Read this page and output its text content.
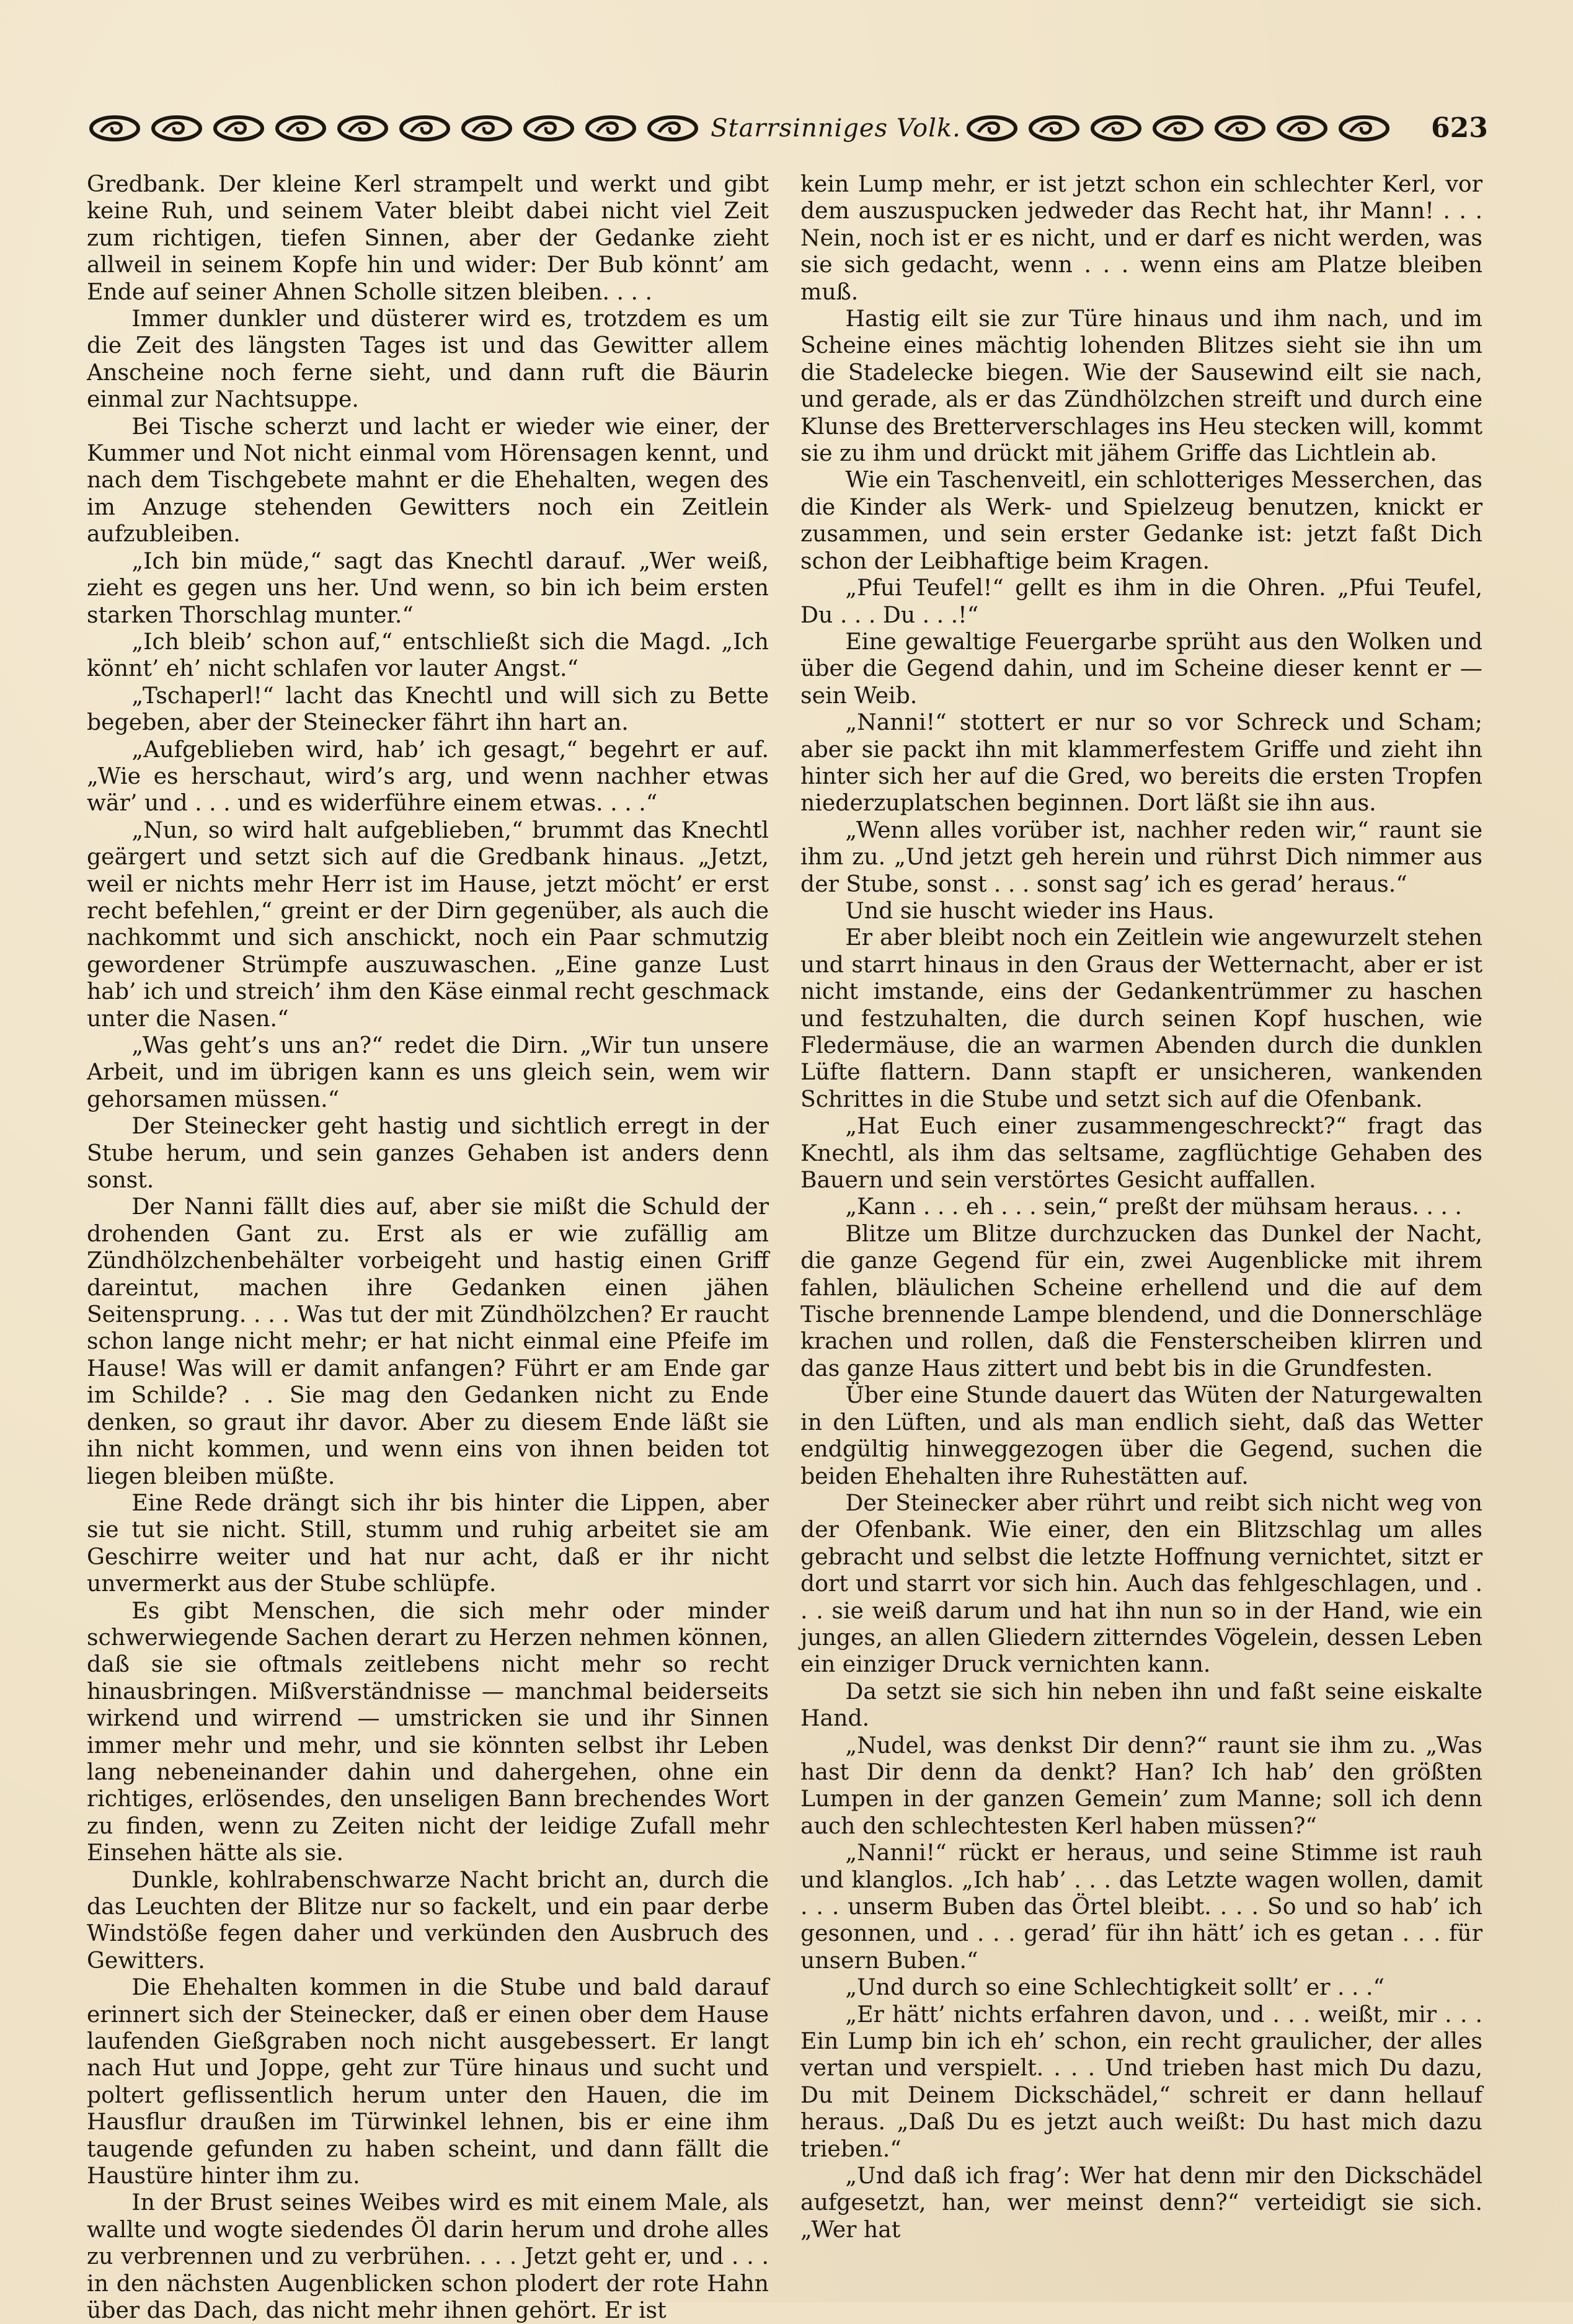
Starrsinniges Volk.	623

Gredbank. Der kleine Kerl strampelt und werkt und gibt keine Ruh, und seinem Vater bleibt dabei nicht viel Zeit zum richtigen, tiefen Sinnen, aber der Gedanke zieht allweil in seinem Kopfe hin und wider: Der Bub könnt’ am Ende auf seiner Ahnen Scholle sitzen bleiben. . . .

Immer dunkler und düsterer wird es, trotzdem es um die Zeit des längsten Tages ist und das Gewitter allem Anscheine noch ferne sieht, und dann ruft die Bäurin einmal zur Nachtsuppe.

Bei Tische scherzt und lacht er wieder wie einer, der Kummer und Not nicht einmal vom Hörensagen kennt, und nach dem Tischgebete mahnt er die Ehehalten, wegen des im Anzuge stehenden Gewitters noch ein Zeitlein aufzubleiben.

„Ich bin müde,“ sagt das Knechtl darauf. „Wer weiß, zieht es gegen uns her. Und wenn, so bin ich beim ersten starken Thorschlag munter.“

„Ich bleib’ schon auf,“ entschließt sich die Magd. „Ich könnt’ eh’ nicht schlafen vor lauter Angst.“

„Tschaperl!“ lacht das Knechtl und will sich zu Bette begeben, aber der Steinecker fährt ihn hart an.

„Aufgeblieben wird, hab’ ich gesagt,“ begehrt er auf. „Wie es herschaut, wird’s arg, und wenn nachher etwas wär’ und . . . und es widerführe einem etwas. . . .“

„Nun, so wird halt aufgeblieben,“ brummt das Knechtl geärgert und setzt sich auf die Gredbank hinaus. „Jetzt, weil er nichts mehr Herr ist im Hause, jetzt möcht’ er erst recht befehlen,“ greint er der Dirn gegenüber, als auch die nachkommt und sich anschickt, noch ein Paar schmutzig gewordener Strümpfe auszuwaschen. „Eine ganze Lust hab’ ich und streich’ ihm den Käse einmal recht geschmack unter die Nasen.“

„Was geht’s uns an?“ redet die Dirn. „Wir tun unsere Arbeit, und im übrigen kann es uns gleich sein, wem wir gehorsamen müssen.“

Der Steinecker geht hastig und sichtlich erregt in der Stube herum, und sein ganzes Gehaben ist anders denn sonst.

Der Nanni fällt dies auf, aber sie mißt die Schuld der drohenden Gant zu. Erst als er wie zufällig am Zündhölzchenbehälter vorbeigeht und hastig einen Griff dareintut, machen ihre Gedanken einen jähen Seitensprung. . . . Was tut der mit Zündhölzchen? Er raucht schon lange nicht mehr; er hat nicht einmal eine Pfeife im Hause! Was will er damit anfangen? Führt er am Ende gar im Schilde? . . Sie mag den Gedanken nicht zu Ende denken, so graut ihr davor. Aber zu diesem Ende läßt sie ihn nicht kommen, und wenn eins von ihnen beiden tot liegen bleiben müßte.

Eine Rede drängt sich ihr bis hinter die Lippen, aber sie tut sie nicht. Still, stumm und ruhig arbeitet sie am Geschirre weiter und hat nur acht, daß er ihr nicht unvermerkt aus der Stube schlüpfe.

Es gibt Menschen, die sich mehr oder minder schwerwiegende Sachen derart zu Herzen nehmen können, daß sie sie oftmals zeitlebens nicht mehr so recht hinausbringen. Mißverständnisse — manchmal beiderseits wirkend und wirrend — umstricken sie und ihr Sinnen immer mehr und mehr, und sie könnten selbst ihr Leben lang nebeneinander dahin und dahergehen, ohne ein richtiges, erlösendes, den unseligen Bann brechendes Wort zu finden, wenn zu Zeiten nicht der leidige Zufall mehr Einsehen hätte als sie.

Dunkle, kohlrabenschwarze Nacht bricht an, durch die das Leuchten der Blitze nur so fackelt, und ein paar derbe Windstöße fegen daher und verkünden den Ausbruch des Gewitters.

Die Ehehalten kommen in die Stube und bald darauf erinnert sich der Steinecker, daß er einen ober dem Hause laufenden Gießgraben noch nicht ausgebessert. Er langt nach Hut und Joppe, geht zur Türe hinaus und sucht und poltert geflissentlich herum unter den Hauen, die im Hausflur draußen im Türwinkel lehnen, bis er eine ihm taugende gefunden zu haben scheint, und dann fällt die Haustüre hinter ihm zu.

In der Brust seines Weibes wird es mit einem Male, als wallte und wogte siedendes Öl darin herum und drohe alles zu verbrennen und zu verbrühen. . . . Jetzt geht er, und . . . in den nächsten Augenblicken schon plodert der rote Hahn über das Dach, das nicht mehr ihnen gehört. Er ist

kein Lump mehr, er ist jetzt schon ein schlechter Kerl, vor dem auszuspucken jedweder das Recht hat, ihr Mann! . . . Nein, noch ist er es nicht, und er darf es nicht werden, was sie sich gedacht, wenn . . . wenn eins am Platze bleiben muß.

Hastig eilt sie zur Türe hinaus und ihm nach, und im Scheine eines mächtig lohenden Blitzes sieht sie ihn um die Stadelecke biegen. Wie der Sausewind eilt sie nach, und gerade, als er das Zündhölzchen streift und durch eine Klunse des Bretterverschlages ins Heu stecken will, kommt sie zu ihm und drückt mit jähem Griffe das Lichtlein ab.

Wie ein Taschenveitl, ein schlotteriges Messerchen, das die Kinder als Werk- und Spielzeug benutzen, knickt er zusammen, und sein erster Gedanke ist: jetzt faßt Dich schon der Leibhaftige beim Kragen.

„Pfui Teufel!“ gellt es ihm in die Ohren. „Pfui Teufel, Du . . . Du . . .!“

Eine gewaltige Feuergarbe sprüht aus den Wolken und über die Gegend dahin, und im Scheine dieser kennt er — sein Weib.

„Nanni!“ stottert er nur so vor Schreck und Scham; aber sie packt ihn mit klammerfestem Griffe und zieht ihn hinter sich her auf die Gred, wo bereits die ersten Tropfen niederzuplatschen beginnen. Dort läßt sie ihn aus.

„Wenn alles vorüber ist, nachher reden wir,“ raunt sie ihm zu. „Und jetzt geh herein und rührst Dich nimmer aus der Stube, sonst . . . sonst sag’ ich es gerad’ heraus.“

Und sie huscht wieder ins Haus.

Er aber bleibt noch ein Zeitlein wie angewurzelt stehen und starrt hinaus in den Graus der Wetternacht, aber er ist nicht imstande, eins der Gedankentrümmer zu haschen und festzuhalten, die durch seinen Kopf huschen, wie Fledermäuse, die an warmen Abenden durch die dunklen Lüfte flattern. Dann stapft er unsicheren, wankenden Schrittes in die Stube und setzt sich auf die Ofenbank.

„Hat Euch einer zusammengeschreckt?“ fragt das Knechtl, als ihm das seltsame, zagflüchtige Gehaben des Bauern und sein verstörtes Gesicht auffallen.

„Kann . . . eh . . . sein,“ preßt der mühsam heraus. . . .

Blitze um Blitze durchzucken das Dunkel der Nacht, die ganze Gegend für ein, zwei Augenblicke mit ihrem fahlen, bläulichen Scheine erhellend und die auf dem Tische brennende Lampe blendend, und die Donnerschläge krachen und rollen, daß die Fensterscheiben klirren und das ganze Haus zittert und bebt bis in die Grundfesten.

Über eine Stunde dauert das Wüten der Naturgewalten in den Lüften, und als man endlich sieht, daß das Wetter endgültig hinweggezogen über die Gegend, suchen die beiden Ehehalten ihre Ruhestätten auf.

Der Steinecker aber rührt und reibt sich nicht weg von der Ofenbank. Wie einer, den ein Blitzschlag um alles gebracht und selbst die letzte Hoffnung vernichtet, sitzt er dort und starrt vor sich hin. Auch das fehlgeschlagen, und . . . sie weiß darum und hat ihn nun so in der Hand, wie ein junges, an allen Gliedern zitterndes Vögelein, dessen Leben ein einziger Druck vernichten kann.

Da setzt sie sich hin neben ihn und faßt seine eiskalte Hand.

„Nudel, was denkst Dir denn?“ raunt sie ihm zu. „Was hast Dir denn da denkt? Han? Ich hab’ den größten Lumpen in der ganzen Gemein’ zum Manne; soll ich denn auch den schlechtesten Kerl haben müssen?“

„Nanni!“ rückt er heraus, und seine Stimme ist rauh und klanglos. „Ich hab’ . . . das Letzte wagen wollen, damit . . . unserm Buben das Örtel bleibt. . . . So und so hab’ ich gesonnen, und . . . gerad’ für ihn hätt’ ich es getan . . . für unsern Buben.“

„Und durch so eine Schlechtigkeit sollt’ er . . .“

„Er hätt’ nichts erfahren davon, und . . . weißt, mir . . . Ein Lump bin ich eh’ schon, ein recht graulicher, der alles vertan und verspielt. . . . Und trieben hast mich Du dazu, Du mit Deinem Dickschädel,“ schreit er dann hellauf heraus. „Daß Du es jetzt auch weißt: Du hast mich dazu trieben.“

„Und daß ich frag’: Wer hat denn mir den Dickschädel aufgesetzt, han, wer meinst denn?“ verteidigt sie sich. „Wer hat
